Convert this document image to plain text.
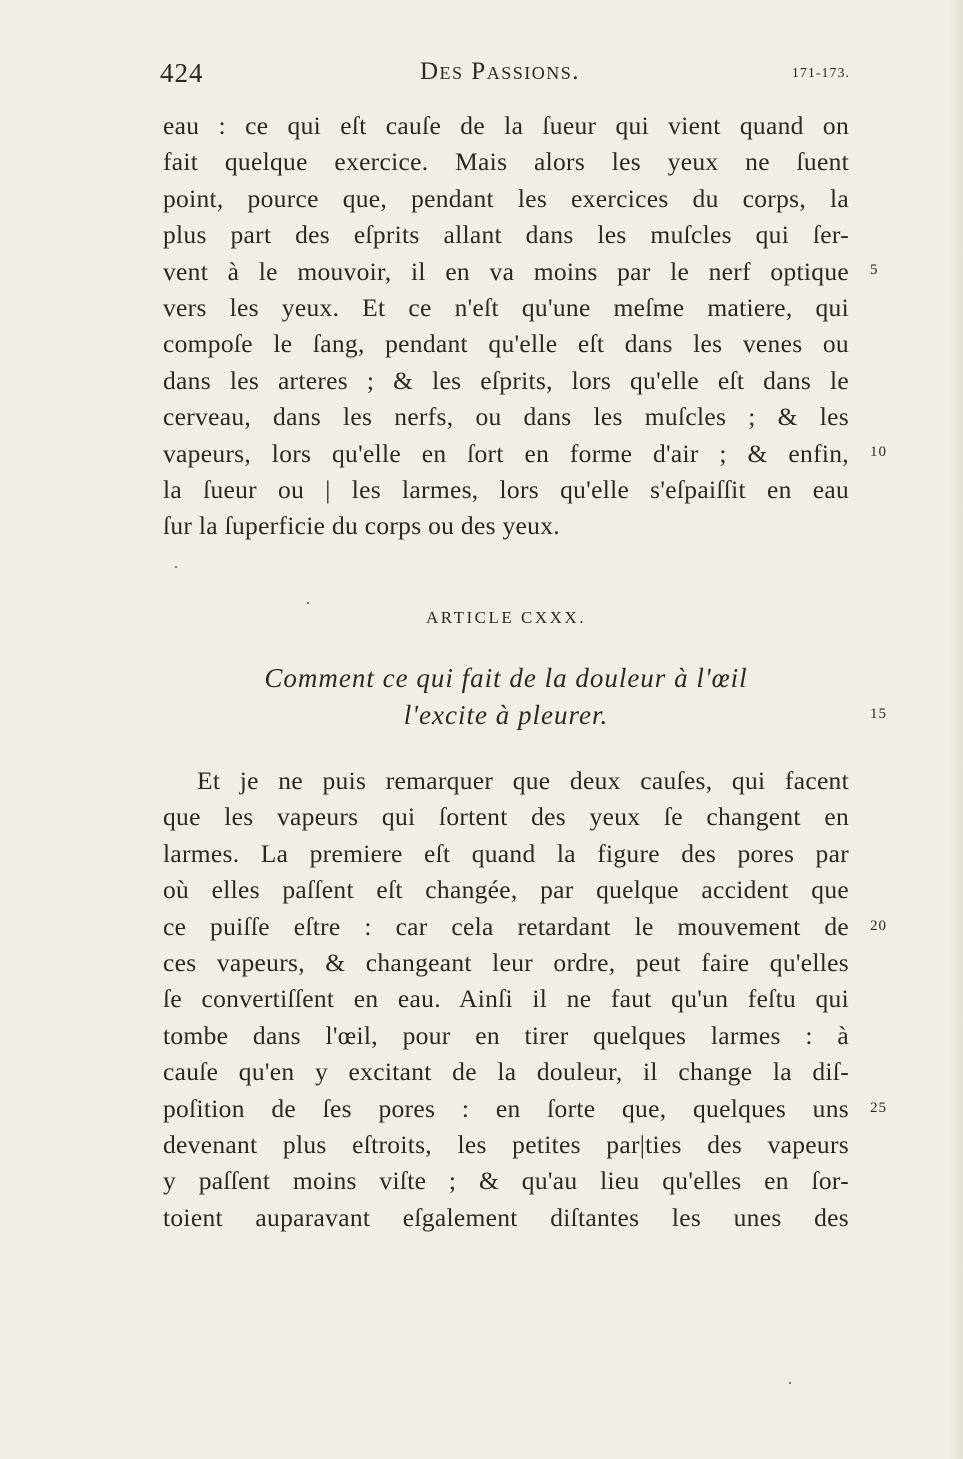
424	Des Passions.	171-173.
eau : ce qui eſt cauſe de la ſueur qui vient quand on
fait quelque exercice. Mais alors les yeux ne ſuent
point, pource que, pendant les exercices du corps, la
plus part des eſprits allant dans les muſcles qui ſer-
vent à le mouvoir, il en va moins par le nerf optique
vers les yeux. Et ce n'eſt qu'une meſme matiere, qui
compoſe le ſang, pendant qu'elle eſt dans les venes ou
dans les arteres ; & les eſprits, lors qu'elle eſt dans le
cerveau, dans les nerfs, ou dans les muſcles ; & les
vapeurs, lors qu'elle en ſort en forme d'air ; & enfin,
la ſueur ou | les larmes, lors qu'elle s'eſpaiſſit en eau
ſur la ſuperficie du corps ou des yeux.
5
10
15
20
25
ARTICLE CXXX.
Comment ce qui fait de la douleur à l'œil
l'excite à pleurer.
Et je ne puis remarquer que deux cauſes, qui facent
que les vapeurs qui ſortent des yeux ſe changent en
larmes. La premiere eſt quand la figure des pores par
où elles paſſent eſt changée, par quelque accident que
ce puiſſe eſtre : car cela retardant le mouvement de
ces vapeurs, & changeant leur ordre, peut faire qu'elles
ſe convertiſſent en eau. Ainſi il ne faut qu'un feſtu qui
tombe dans l'œil, pour en tirer quelques larmes : à
cauſe qu'en y excitant de la douleur, il change la diſ-
poſition de ſes pores : en ſorte que, quelques uns
devenant plus eſtroits, les petites par|ties des vapeurs
y paſſent moins viſte ; & qu'au lieu qu'elles en ſor-
toient auparavant eſgalement diſtantes les unes des
